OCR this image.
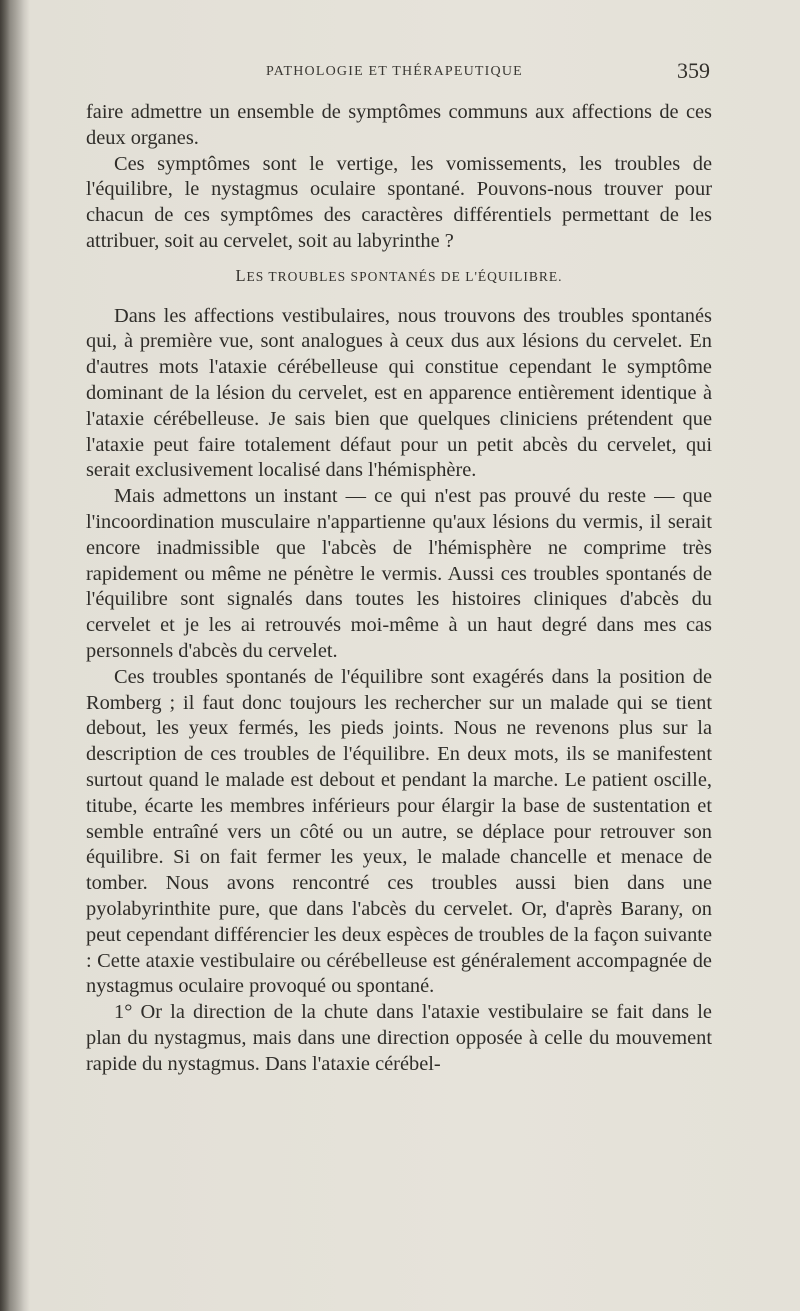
PATHOLOGIE ET THÉRAPEUTIQUE	359

faire admettre un ensemble de symptômes communs aux affections de ces deux organes.

Ces symptômes sont le vertige, les vomissements, les troubles de l'équilibre, le nystagmus oculaire spontané. Pouvons-nous trouver pour chacun de ces symptômes des caractères différentiels permettant de les attribuer, soit au cervelet, soit au labyrinthe ?

LES TROUBLES SPONTANÉS DE L'ÉQUILIBRE.

Dans les affections vestibulaires, nous trouvons des troubles spontanés qui, à première vue, sont analogues à ceux dus aux lésions du cervelet. En d'autres mots l'ataxie cérébelleuse qui constitue cependant le symptôme dominant de la lésion du cervelet, est en apparence entièrement identique à l'ataxie cérébelleuse. Je sais bien que quelques cliniciens prétendent que l'ataxie peut faire totalement défaut pour un petit abcès du cervelet, qui serait exclusivement localisé dans l'hémisphère.

Mais admettons un instant — ce qui n'est pas prouvé du reste — que l'incoordination musculaire n'appartienne qu'aux lésions du vermis, il serait encore inadmissible que l'abcès de l'hémisphère ne comprime très rapidement ou même ne pénètre le vermis. Aussi ces troubles spontanés de l'équilibre sont signalés dans toutes les histoires cliniques d'abcès du cervelet et je les ai retrouvés moi-même à un haut degré dans mes cas personnels d'abcès du cervelet.

Ces troubles spontanés de l'équilibre sont exagérés dans la position de Romberg ; il faut donc toujours les rechercher sur un malade qui se tient debout, les yeux fermés, les pieds joints. Nous ne revenons plus sur la description de ces troubles de l'équilibre. En deux mots, ils se manifestent surtout quand le malade est debout et pendant la marche. Le patient oscille, titube, écarte les membres inférieurs pour élargir la base de sustentation et semble entraîné vers un côté ou un autre, se déplace pour retrouver son équilibre. Si on fait fermer les yeux, le malade chancelle et menace de tomber. Nous avons rencontré ces troubles aussi bien dans une pyolabyrinthite pure, que dans l'abcès du cervelet. Or, d'après Barany, on peut cependant différencier les deux espèces de troubles de la façon suivante : Cette ataxie vestibulaire ou cérébelleuse est généralement accompagnée de nystagmus oculaire provoqué ou spontané.

1° Or la direction de la chute dans l'ataxie vestibulaire se fait dans le plan du nystagmus, mais dans une direction opposée à celle du mouvement rapide du nystagmus. Dans l'ataxie cérébel-
